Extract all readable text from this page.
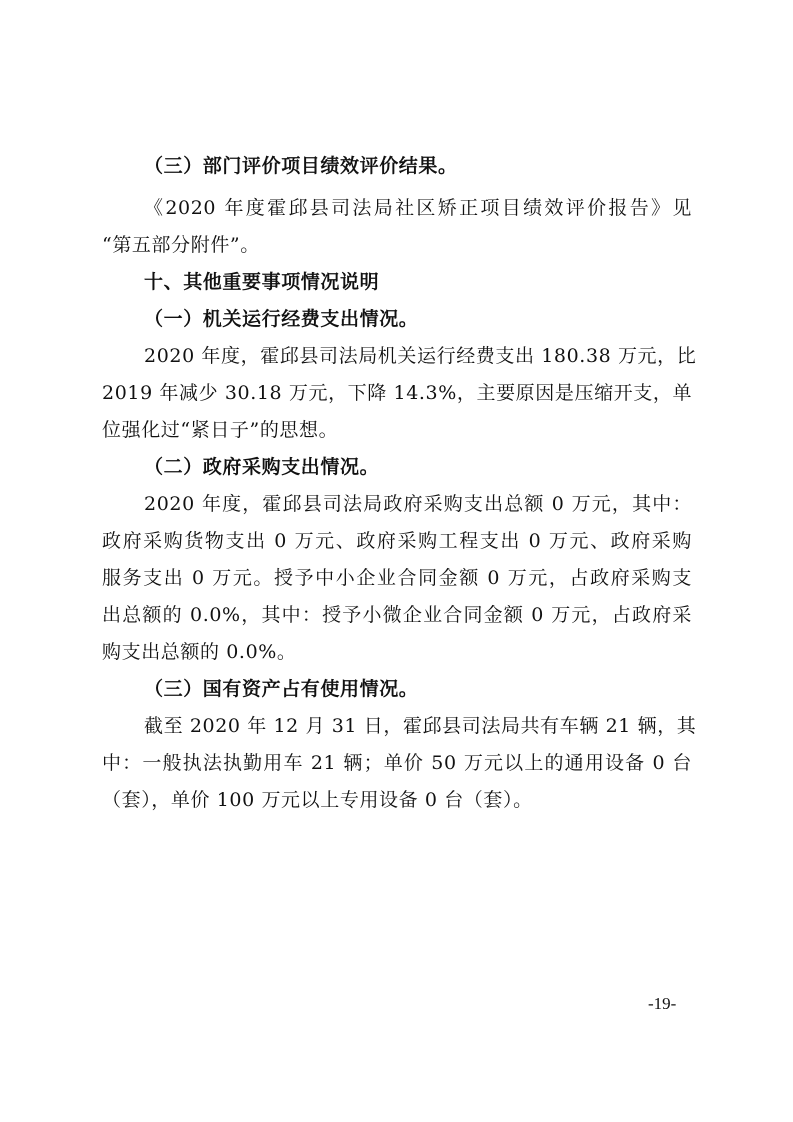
（三）部门评价项目绩效评价结果。
《2020 年度霍邱县司法局社区矫正项目绩效评价报告》见
“第五部分附件”。
十、其他重要事项情况说明
（一）机关运行经费支出情况。
2020 年度，霍邱县司法局机关运行经费支出 180.38 万元，比
2019 年减少 30.18 万元，下降 14.3%，主要原因是压缩开支，单
位强化过“紧日子”的思想。
（二）政府采购支出情况。
2020 年度，霍邱县司法局政府采购支出总额 0 万元，其中：
政府采购货物支出 0 万元、政府采购工程支出 0 万元、政府采购
服务支出 0 万元。授予中小企业合同金额 0 万元，占政府采购支
出总额的 0.0%，其中：授予小微企业合同金额 0 万元，占政府采
购支出总额的 0.0%。
（三）国有资产占有使用情况。
截至 2020 年 12 月 31 日，霍邱县司法局共有车辆 21 辆，其
中：一般执法执勤用车 21 辆；单价 50 万元以上的通用设备 0 台
（套），单价 100 万元以上专用设备 0 台（套）。
-19-
